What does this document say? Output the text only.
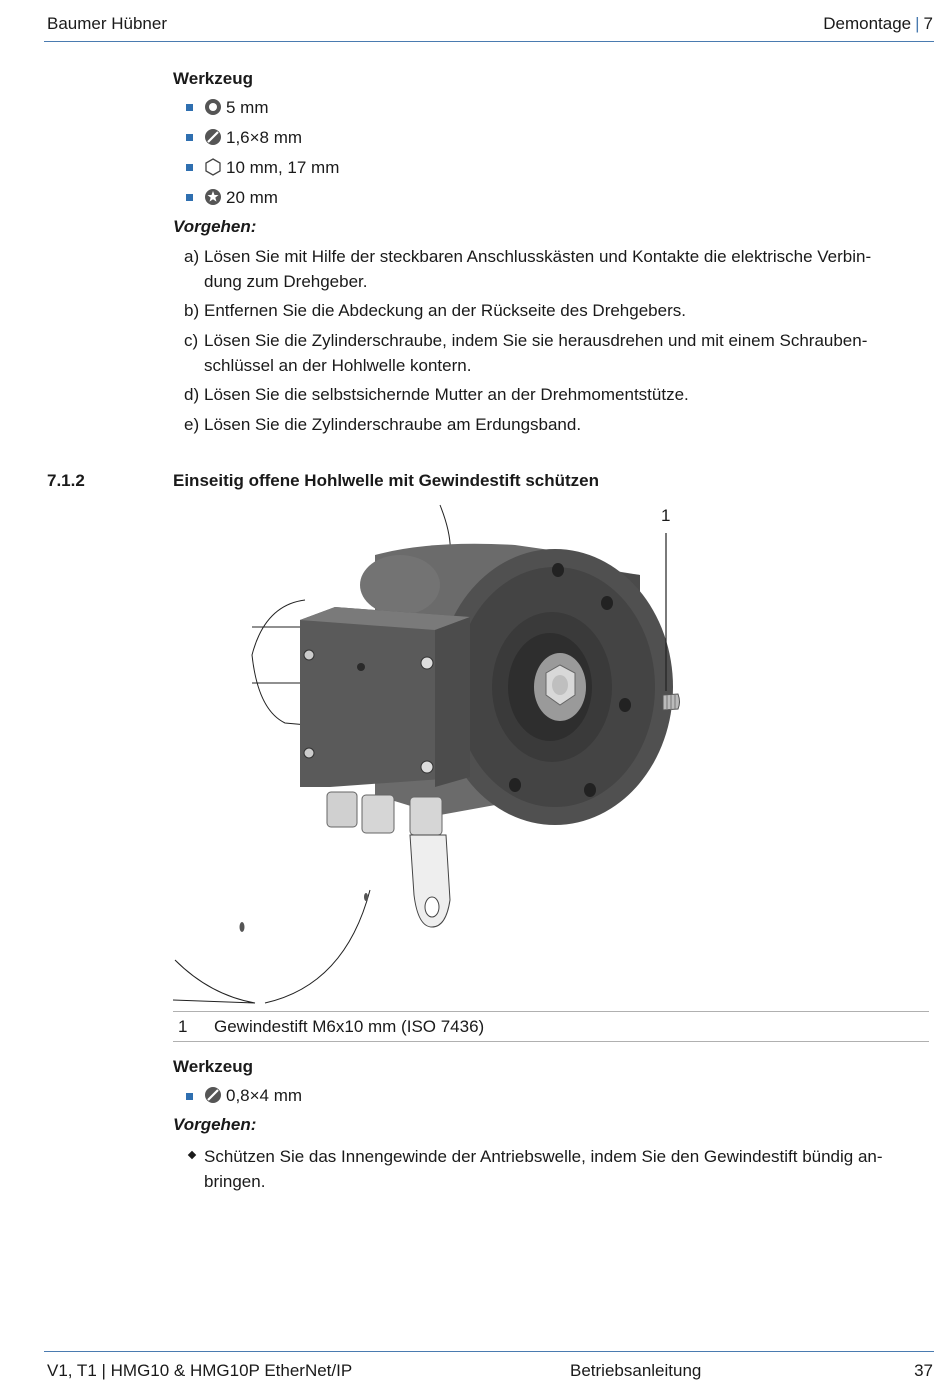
Baumer Hübner	Demontage | 7
Werkzeug
5 mm
1,6×8 mm
10 mm, 17 mm
20 mm
Vorgehen:
a) Lösen Sie mit Hilfe der steckbaren Anschlusskästen und Kontakte die elektrische Verbin-
dung zum Drehgeber.
b) Entfernen Sie die Abdeckung an der Rückseite des Drehgebers.
c) Lösen Sie die Zylinderschraube, indem Sie sie herausdrehen und mit einem Schrauben-
schlüssel an der Hohlwelle kontern.
d) Lösen Sie die selbstsichernde Mutter an der Drehmomentstütze.
e) Lösen Sie die Zylinderschraube am Erdungsband.
7.1.2	Einseitig offene Hohlwelle mit Gewindestift schützen
1
1 Gewindestift M6x10 mm (ISO 7436)
Werkzeug
0,8×4 mm
Vorgehen:
Schützen Sie das Innengewinde der Antriebswelle, indem Sie den Gewindestift bündig an-
bringen.
V1, T1 | HMG10 & HMG10P EtherNet/IP	Betriebsanleitung	37
